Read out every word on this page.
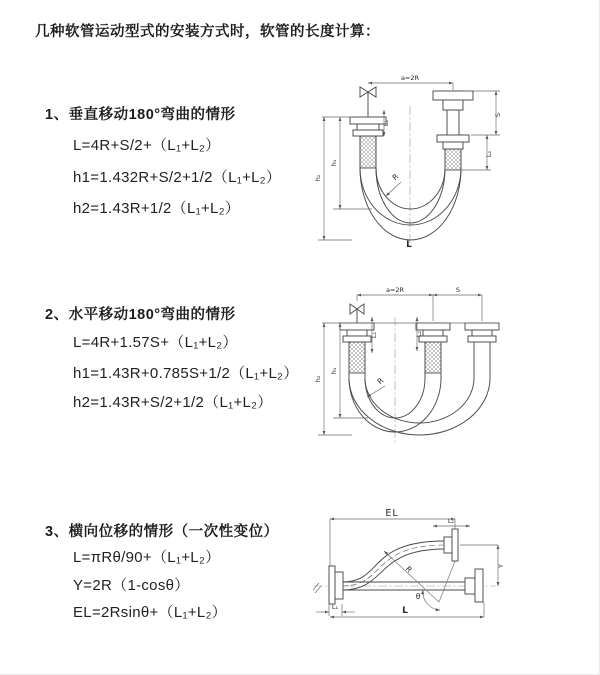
几种软管运动型式的安装方式时，软管的长度计算：
1、垂直移动180°弯曲的情形
L=4R+S/2+（L₁+L₂）
h1=1.432R+S/2+1/2（L₁+L₂）
h2=1.43R+1/2（L₁+L₂）
2、水平移动180°弯曲的情形
L=4R+1.57S+（L₁+L₂）
h1=1.43R+0.785S+1/2（L₁+L₂）
h2=1.43R+S/2+1/2（L₁+L₂）
3、横向位移的情形（一次性变位）
L=πRθ/90+（L₁+L₂）
Y=2R（1-cosθ）
EL=2Rsinθ+（L₁+L₂）
a=2R
S
L₂
L₁
h₁
h₂	R
L
a=2R	S
L₁	L₂
h₁
h₂	R
EL
L₂
Y
L₁	L
R
θ
